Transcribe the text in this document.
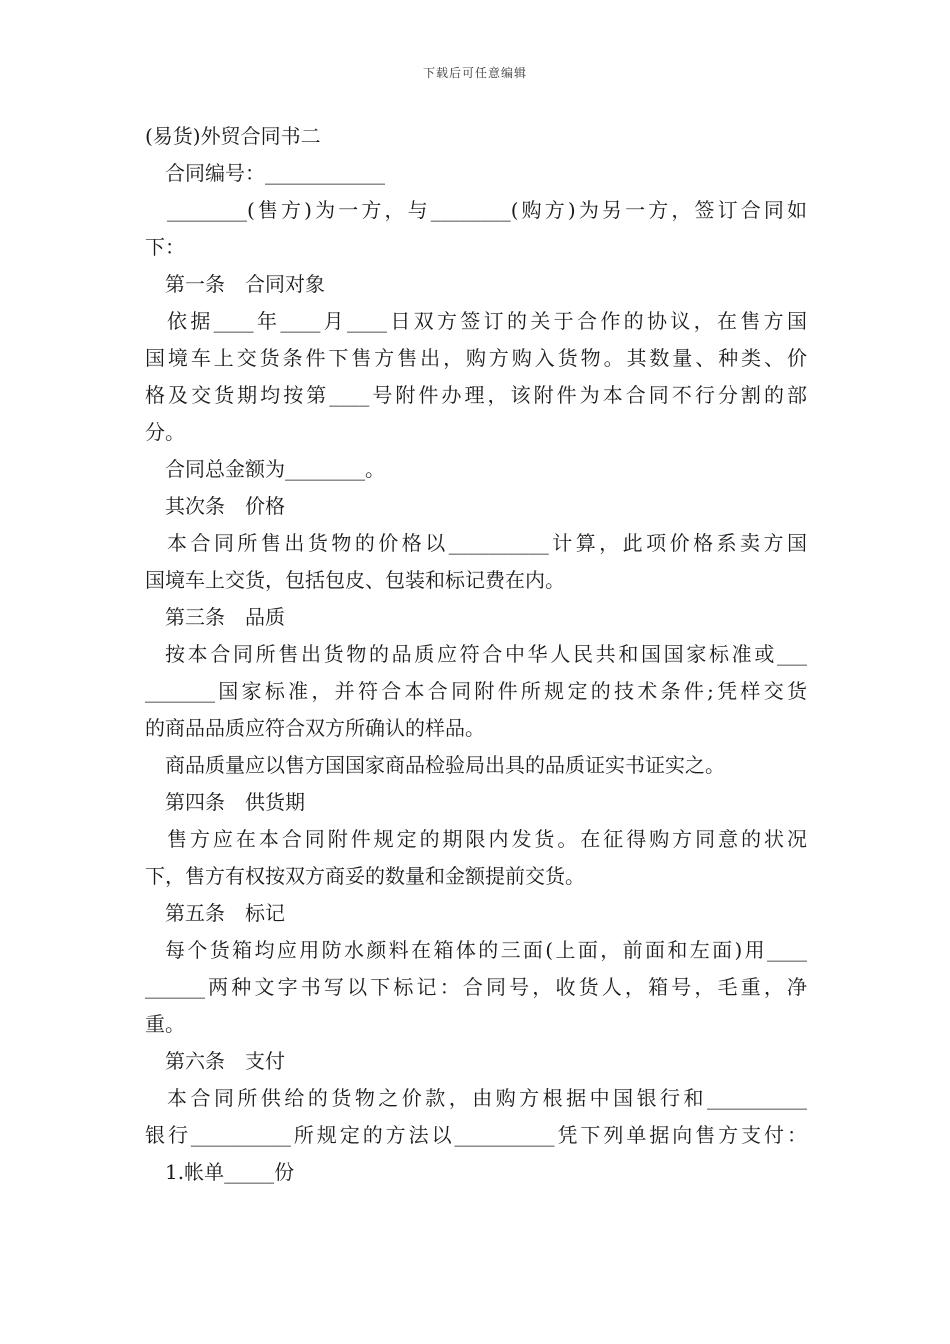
下载后可任意编辑
(易货)外贸合同书二
合同编号：____________
________(售方)为一方，与________(购方)为另一方，签订合同如
下：
第一条　合同对象
依据____年____月____日双方签订的关于合作的协议，在售方国
国境车上交货条件下售方售出，购方购入货物。其数量、种类、价
格及交货期均按第____号附件办理，该附件为本合同不行分割的部
分。
合同总金额为________。
其次条　价格
本合同所售出货物的价格以__________计算，此项价格系卖方国
国境车上交货，包括包皮、包装和标记费在内。
第三条　品质
按本合同所售出货物的品质应符合中华人民共和国国家标准或___
_______国家标准，并符合本合同附件所规定的技术条件;凭样交货
的商品品质应符合双方所确认的样品。
商品质量应以售方国国家商品检验局出具的品质证实书证实之。
第四条　供货期
售方应在本合同附件规定的期限内发货。在征得购方同意的状况
下，售方有权按双方商妥的数量和金额提前交货。
第五条　标记
每个货箱均应用防水颜料在箱体的三面(上面，前面和左面)用____
______两种文字书写以下标记：合同号，收货人，箱号，毛重，净
重。
第六条　支付
本合同所供给的货物之价款，由购方根据中国银行和__________
银行__________所规定的方法以__________凭下列单据向售方支付：
1.帐单_____份
